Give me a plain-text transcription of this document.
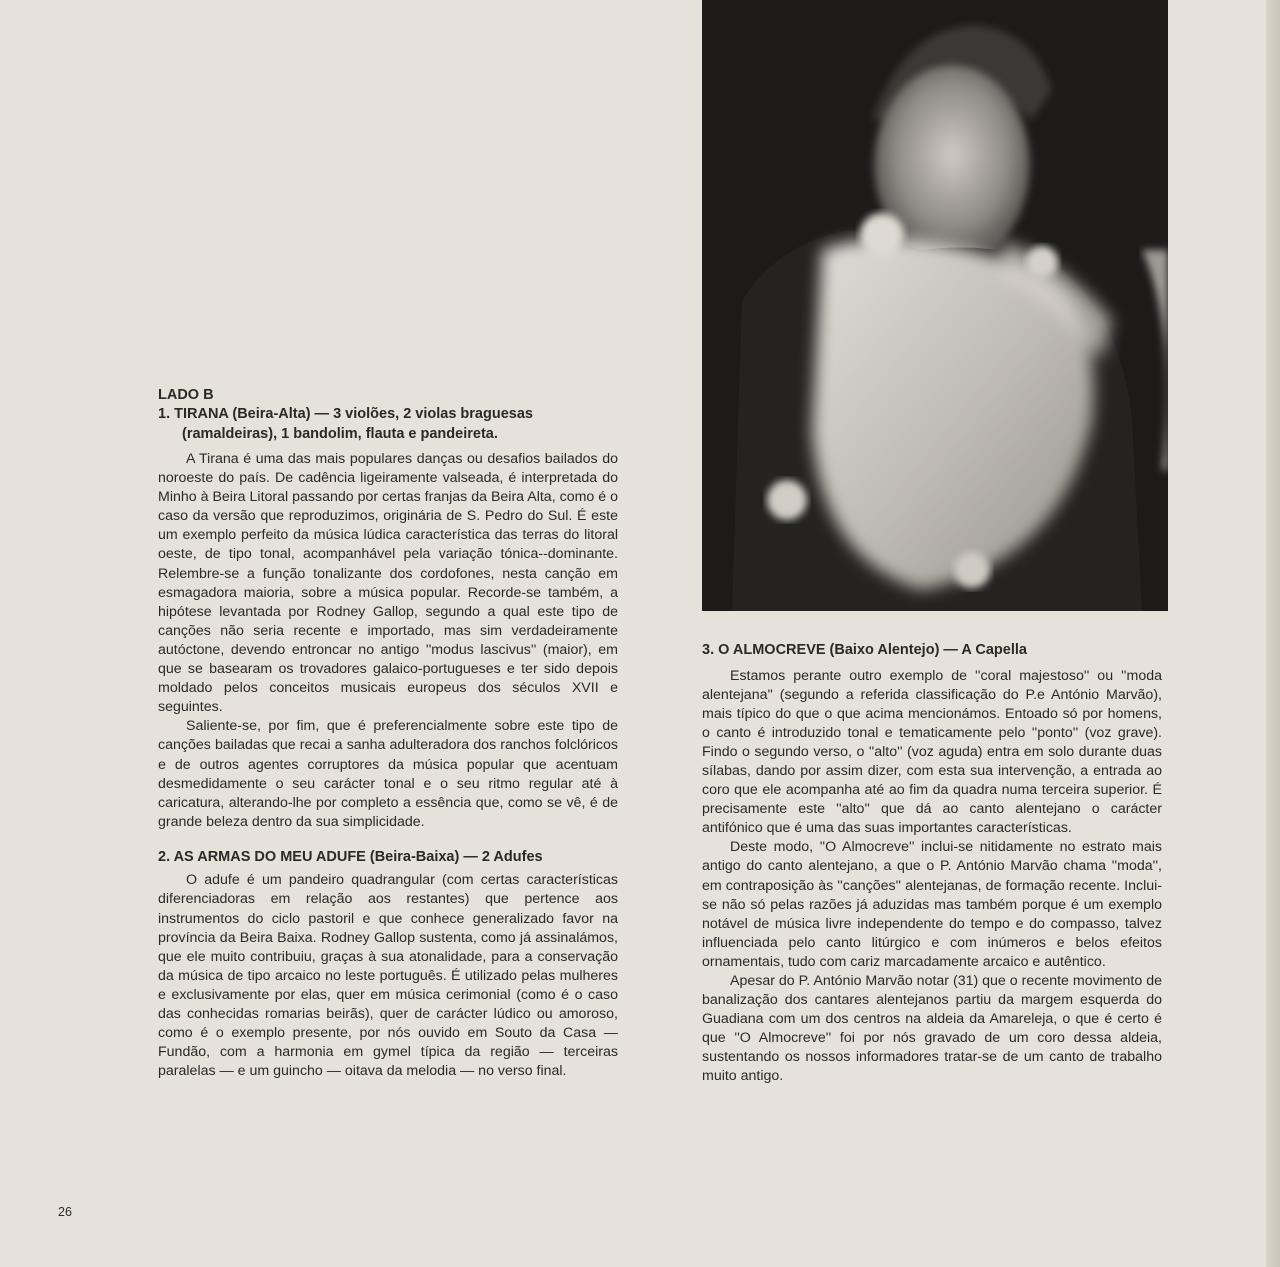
LADO B
1. TIRANA (Beira-Alta) — 3 violões, 2 violas braguesas (ramaldeiras), 1 bandolim, flauta e pandeireta.

A Tirana é uma das mais populares danças ou desafios bailados do noroeste do país. De cadência ligeiramente valseada, é interpretada do Minho à Beira Litoral passando por certas franjas da Beira Alta, como é o caso da versão que reproduzimos, originária de S. Pedro do Sul. É este um exemplo perfeito da música lúdica característica das terras do litoral oeste, de tipo tonal, acompanhável pela variação tónica--dominante. Relembre-se a função tonalizante dos cordofones, nesta canção em esmagadora maioria, sobre a música popular. Recorde-se também, a hipótese levantada por Rodney Gallop, segundo a qual este tipo de canções não seria recente e importado, mas sim verdadeiramente autóctone, devendo entroncar no antigo ''modus lascivus'' (maior), em que se basearam os trovadores galaico-portugueses e ter sido depois moldado pelos conceitos musicais europeus dos séculos XVII e seguintes.

Saliente-se, por fim, que é preferencialmente sobre este tipo de canções bailadas que recai a sanha adulteradora dos ranchos folclóricos e de outros agentes corruptores da música popular que acentuam desmedidamente o seu carácter tonal e o seu ritmo regular até à caricatura, alterando-lhe por completo a essência que, como se vê, é de grande beleza dentro da sua simplicidade.

2. AS ARMAS DO MEU ADUFE (Beira-Baixa) — 2 Adufes

O adufe é um pandeiro quadrangular (com certas características diferenciadoras em relação aos restantes) que pertence aos instrumentos do ciclo pastoril e que conhece generalizado favor na província da Beira Baixa. Rodney Gallop sustenta, como já assinalámos, que ele muito contribuiu, graças à sua atonalidade, para a conservação da música de tipo arcaico no leste português. É utilizado pelas mulheres e exclusivamente por elas, quer em música cerimonial (como é o caso das conhecidas romarias beirãs), quer de carácter lúdico ou amoroso, como é o exemplo presente, por nós ouvido em Souto da Casa — Fundão, com a harmonia em gymel típica da região — terceiras paralelas — e um guincho — oitava da melodia — no verso final.

3. O ALMOCREVE (Baixo Alentejo) — A Capella

Estamos perante outro exemplo de ''coral majestoso'' ou ''moda alentejana'' (segundo a referida classificação do P.e António Marvão), mais típico do que o que acima mencionámos. Entoado só por homens, o canto é introduzido tonal e tematicamente pelo ''ponto'' (voz grave). Findo o segundo verso, o ''alto'' (voz aguda) entra em solo durante duas sílabas, dando por assim dizer, com esta sua intervenção, a entrada ao coro que ele acompanha até ao fim da quadra numa terceira superior. É precisamente este ''alto'' que dá ao canto alentejano o carácter antifónico que é uma das suas importantes características.

Deste modo, ''O Almocreve'' inclui-se nitidamente no estrato mais antigo do canto alentejano, a que o P. António Marvão chama ''moda'', em contraposição às ''canções'' alentejanas, de formação recente. Inclui-se não só pelas razões já aduzidas mas também porque é um exemplo notável de música livre independente do tempo e do compasso, talvez influenciada pelo canto litúrgico e com inúmeros e belos efeitos ornamentais, tudo com cariz marcadamente arcaico e autêntico.

Apesar do P. António Marvão notar (31) que o recente movimento de banalização dos cantares alentejanos partiu da margem esquerda do Guadiana com um dos centros na aldeia da Amareleja, o que é certo é que ''O Almocreve'' foi por nós gravado de um coro dessa aldeia, sustentando os nossos informadores tratar-se de um canto de trabalho muito antigo.

26
